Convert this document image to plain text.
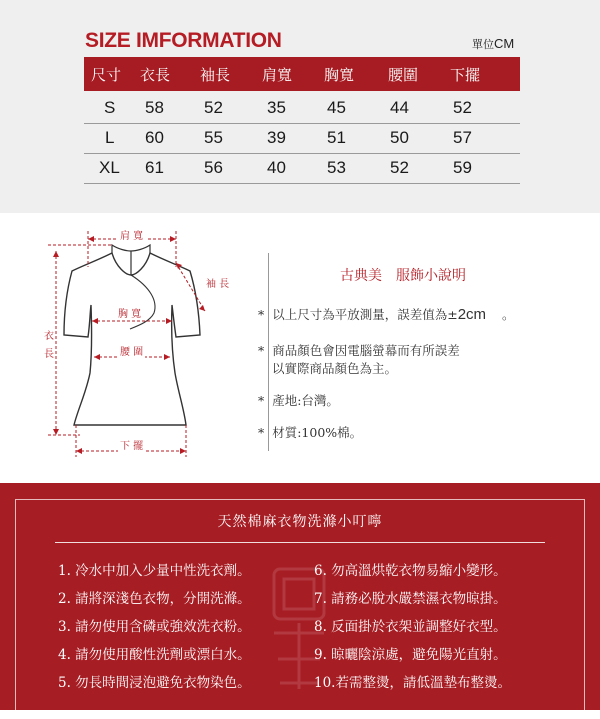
SIZE IMFORMATION	單位CM
尺寸 衣長 袖長 肩寬 胸寬 腰圍 下擺
S 58 52	35 45	44	52
L 60 55	39 51	50	57
XL 61 56	40 53	52	59
肩 寬
袖 長
衣
長
胸 寬
腰 圍
下 擺
古典美　服飾小說明
* 以上尺寸為平放測量，誤差值為±2cm 。
* 商品顏色會因電腦螢幕而有所誤差
以實際商品顏色為主。
* 產地:台灣。
* 材質:100%棉。
天然棉麻衣物洗滌小叮嚀
1. 冷水中加入少量中性洗衣劑。
2. 請將深淺色衣物，分開洗滌。
3. 請勿使用含磷或強效洗衣粉。
4. 請勿使用酸性洗劑或漂白水。
5. 勿長時間浸泡避免衣物染色。
6. 勿高溫烘乾衣物易縮小變形。
7. 請務必脫水嚴禁濕衣物晾掛。
8. 反面掛於衣架並調整好衣型。
9. 晾曬陰涼處，避免陽光直射。
10.若需整燙，請低溫墊布整燙。
